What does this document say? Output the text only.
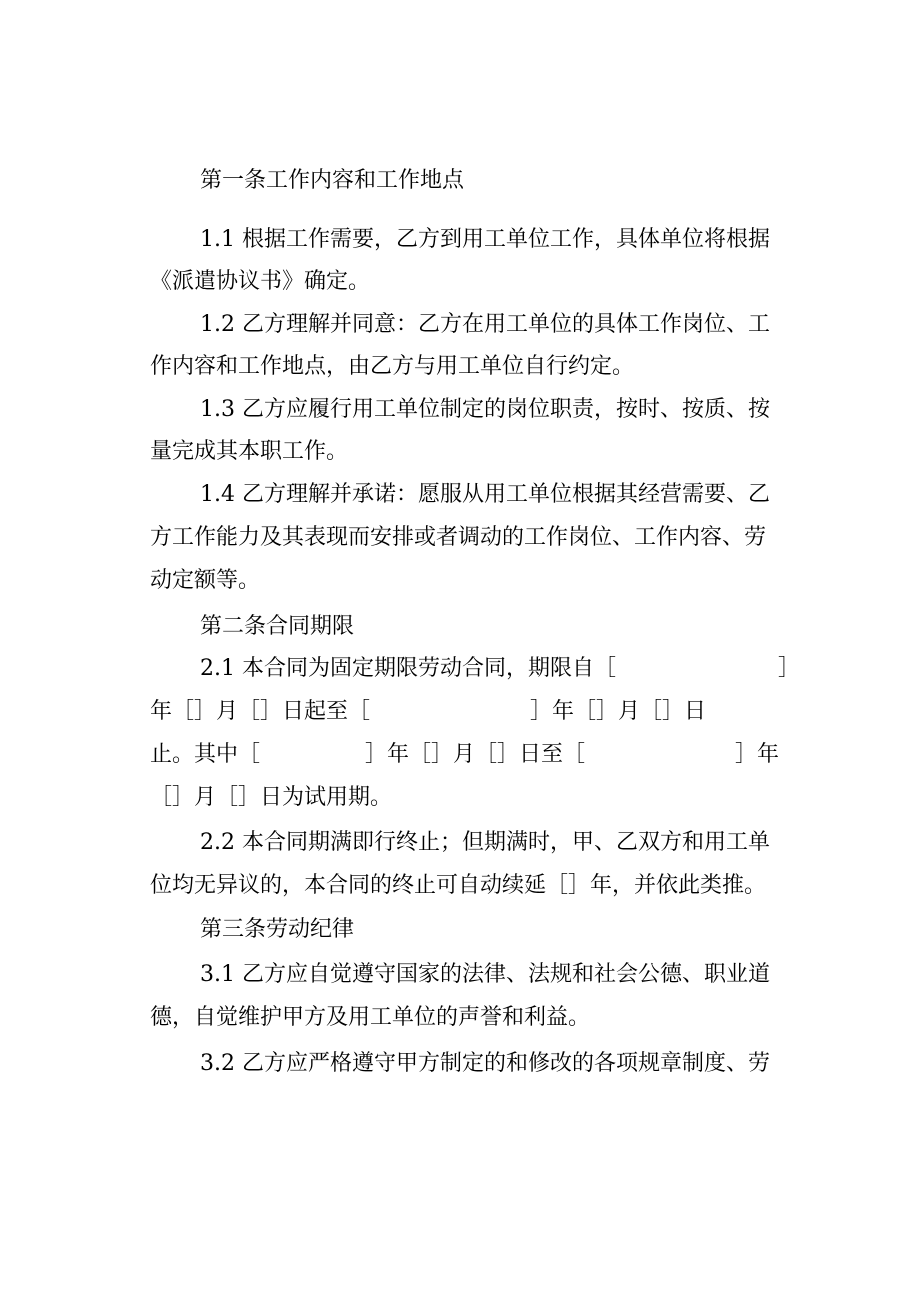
第一条工作内容和工作地点
1.1 根据工作需要，乙方到用工单位工作，具体单位将根据
《派遣协议书》确定。
1.2 乙方理解并同意：乙方在用工单位的具体工作岗位、工
作内容和工作地点，由乙方与用工单位自行约定。
1.3 乙方应履行用工单位制定的岗位职责，按时、按质、按
量完成其本职工作。
1.4 乙方理解并承诺：愿服从用工单位根据其经营需要、乙
方工作能力及其表现而安排或者调动的工作岗位、工作内容、劳
动定额等。
第二条合同期限
2.1 本合同为固定期限劳动合同，期限自［	］
年［］月［］日起至［	］年［］月［］日
止。其中［	］年［］月［］日至［	］年
［］月［］日为试用期。
2.2 本合同期满即行终止；但期满时，甲、乙双方和用工单
位均无异议的，本合同的终止可自动续延［］年，并依此类推。
第三条劳动纪律
3.1 乙方应自觉遵守国家的法律、法规和社会公德、职业道
德，自觉维护甲方及用工单位的声誉和利益。
3.2 乙方应严格遵守甲方制定的和修改的各项规章制度、劳
